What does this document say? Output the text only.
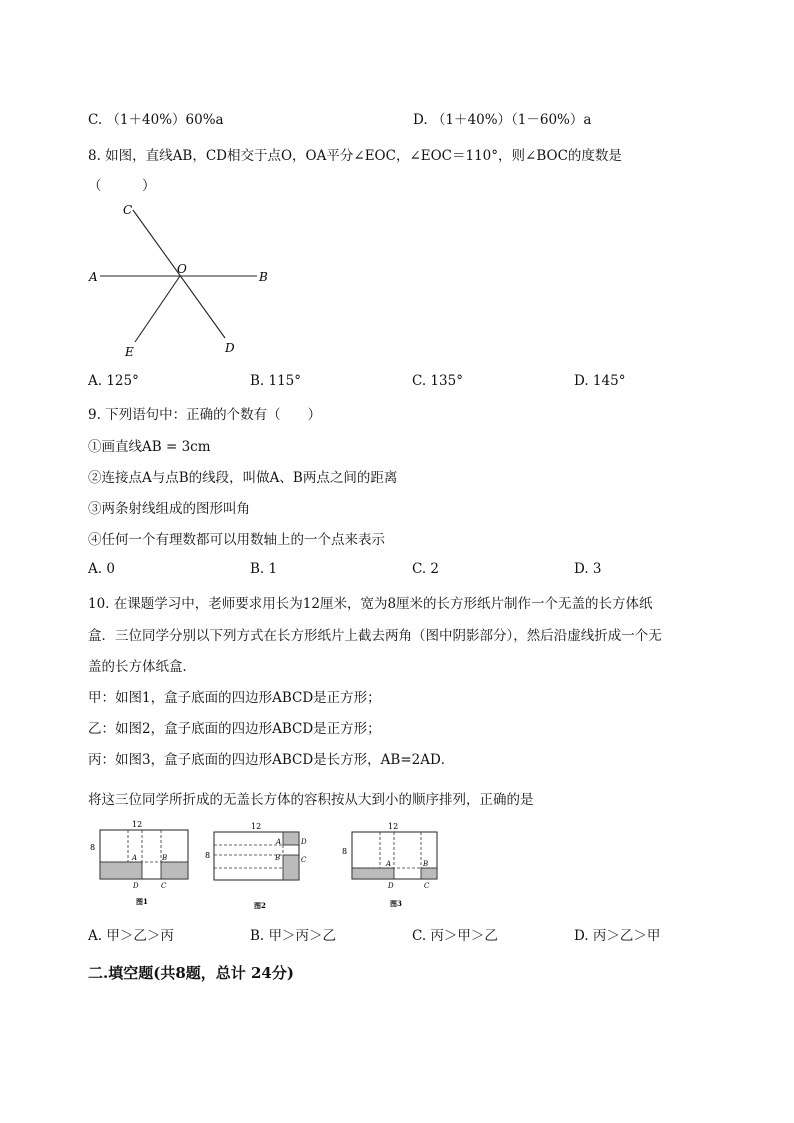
C. （1＋40%）60%a	D. （1＋40%）（1－60%）a
8. 如图，直线AB，CD相交于点O，OA平分∠EOC，∠EOC＝110°，则∠BOC的度数是
（　　　）
C
O
A	B
E	D
A. 125°	B. 115°	C. 135°	D. 145°
9. 下列语句中：正确的个数有（　　）
①画直线AB = 3cm
②连接点A与点B的线段，叫做A、B两点之间的距离
③两条射线组成的图形叫角
④任何一个有理数都可以用数轴上的一个点来表示
A. 0	B. 1	C. 2	D. 3
10. 在课题学习中，老师要求用长为12厘米，宽为8厘米的长方形纸片制作一个无盖的长方体纸
盒．三位同学分别以下列方式在长方形纸片上截去两角（图中阴影部分），然后沿虚线折成一个无
盖的长方体纸盒．
甲：如图1，盒子底面的四边形ABCD是正方形；
乙：如图2，盒子底面的四边形ABCD是正方形；
丙：如图3，盒子底面的四边形ABCD是长方形，AB=2AD．
将这三位同学所折成的无盖长方体的容积按从大到小的顺序排列，正确的是
12
8
A	B
D	C
图1
12
8
A	D
B	C
图2
12
8
A	B
D	C
图3
A. 甲＞乙＞丙	B. 甲＞丙＞乙	C. 丙＞甲＞乙	D. 丙＞乙＞甲
二.填空题(共8题，总计 24分)
